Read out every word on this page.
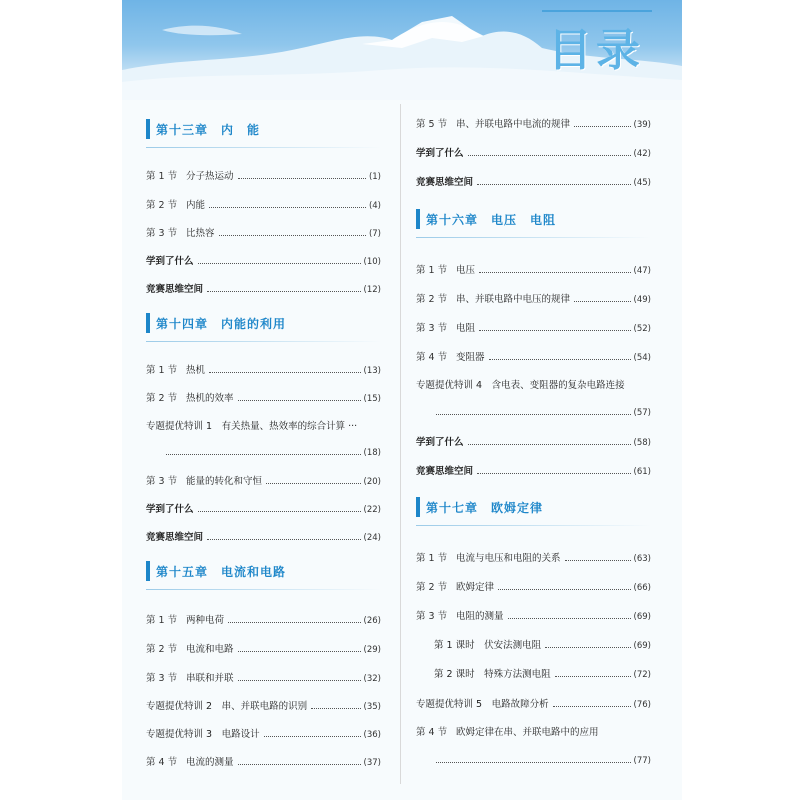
目录
第十三章　内　能
第 1 节 分子热运动	(1)
第 2 节 内能	(4)
第 3 节 比热容	(7)
学到了什么	(10)
竞赛思维空间	(12)
第十四章　内能的利用
第 1 节 热机	(13)
第 2 节 热机的效率	(15)
专题提优特训 1　有关热量、热效率的综合计算 ···
(18)
第 3 节 能量的转化和守恒	(20)
学到了什么	(22)
竞赛思维空间	(24)
第十五章　电流和电路
第 1 节 两种电荷	(26)
第 2 节 电流和电路	(29)
第 3 节 串联和并联	(32)
专题提优特训 2　串、并联电路的识别	(35)
专题提优特训 3　电路设计	(36)
第 4 节 电流的测量	(37)
第 5 节 串、并联电路中电流的规律	(39)
学到了什么	(42)
竞赛思维空间	(45)
第十六章　电压　电阻
第 1 节 电压	(47)
第 2 节 串、并联电路中电压的规律	(49)
第 3 节 电阻	(52)
第 4 节 变阻器	(54)
专题提优特训 4　含电表、变阻器的复杂电路连接
(57)
学到了什么	(58)
竞赛思维空间	(61)
第十七章　欧姆定律
第 1 节 电流与电压和电阻的关系	(63)
第 2 节 欧姆定律	(66)
第 3 节 电阻的测量	(69)
第 1 课时　伏安法测电阻	(69)
第 2 课时　特殊方法测电阻	(72)
专题提优特训 5　电路故障分析	(76)
第 4 节 欧姆定律在串、并联电路中的应用
(77)
